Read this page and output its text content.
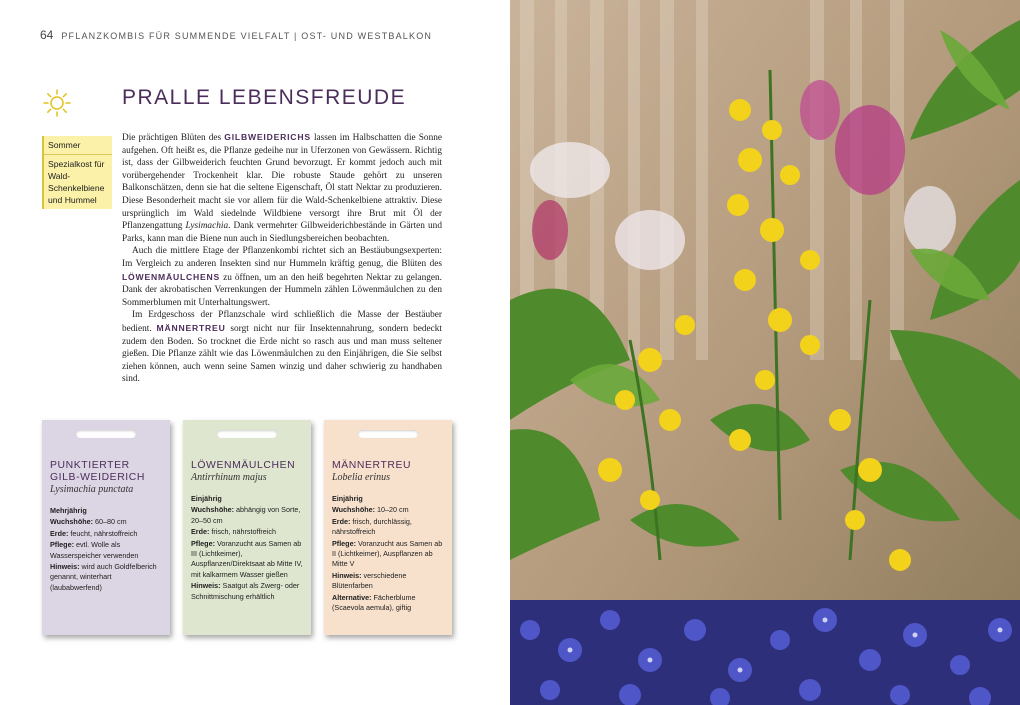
64 PFLANZKOMBIS FÜR SUMMENDE VIELFALT | OST- UND WESTBALKON
PRALLE LEBENSFREUDE
Sommer
Spezialkost für Wald-Schenkelbiene und Hummel

Die prächtigen Blüten des GILBWEIDERICHS lassen im Halbschatten die Sonne aufgehen. Oft heißt es, die Pflanze gedeihe nur in Uferzonen von Gewässern. Richtig ist, dass der Gilbweiderich feuchten Grund bevorzugt. Er kommt jedoch auch mit vorübergehender Trockenheit klar. Die robuste Staude gehört zu unseren Balkonschätzen, denn sie hat die seltene Eigenschaft, Öl statt Nektar zu produzieren. Diese Besonderheit macht sie vor allem für die Wald-Schenkelbiene attraktiv. Diese ursprünglich im Wald siedelnde Wildbiene versorgt ihre Brut mit Öl der Pflanzengattung Lysimachia. Dank vermehrter Gilbweiderichbestände in Gärten und Parks, kann man die Biene nun auch in Siedlungsbereichen beobachten.

Auch die mittlere Etage der Pflanzenkombi richtet sich an Bestäubungsexperten: Im Vergleich zu anderen Insekten sind nur Hummeln kräftig genug, die Blüten des LÖWENMÄULCHENS zu öffnen, um an den heiß begehrten Nektar zu gelangen. Dank der akrobatischen Verrenkungen der Hummeln zählen Löwenmäulchen zu den Sommerblumen mit Unterhaltungswert.

Im Erdgeschoss der Pflanzschale wird schließlich die Masse der Bestäuber bedient. MÄNNERTREU sorgt nicht nur für Insektennahrung, sondern bedeckt zudem den Boden. So trocknet die Erde nicht so rasch aus und man muss seltener gießen. Die Pflanze zählt wie das Löwenmäulchen zu den Einjährigen, die Sie selbst ziehen können, auch wenn seine Samen winzig und daher schwierig zu handhaben sind.

PUNKTIERTER GILB-WEIDERICH
Lysimachia punctata
Mehrjährig
Wuchshöhe: 60–80 cm
Erde: feucht, nährstoffreich
Pflege: evtl. Wolle als Wasserspeicher verwenden
Hinweis: wird auch Goldfelberich genannt, winterhart (laubabwerfend)
LÖWENMÄULCHEN
Antirrhinum majus
Einjährig
Wuchshöhe: abhängig von Sorte, 20–50 cm
Erde: frisch, nährstoffreich
Pflege: Voranzucht aus Samen ab III (Lichtkeimer), Auspflanzen/Direktsaat ab Mitte IV, mit kalkarmem Wasser gießen
Hinweis: Saatgut als Zwerg- oder Schnittmischung erhältlich
MÄNNERTREU
Lobelia erinus
Einjährig
Wuchshöhe: 10–20 cm
Erde: frisch, durchlässig, nährstoffreich
Pflege: Voranzucht aus Samen ab II (Lichtkeimer), Auspflanzen ab Mitte V
Hinweis: verschiedene Blütenfarben
Alternative: Fächerblume (Scaevola aemula), giftig
